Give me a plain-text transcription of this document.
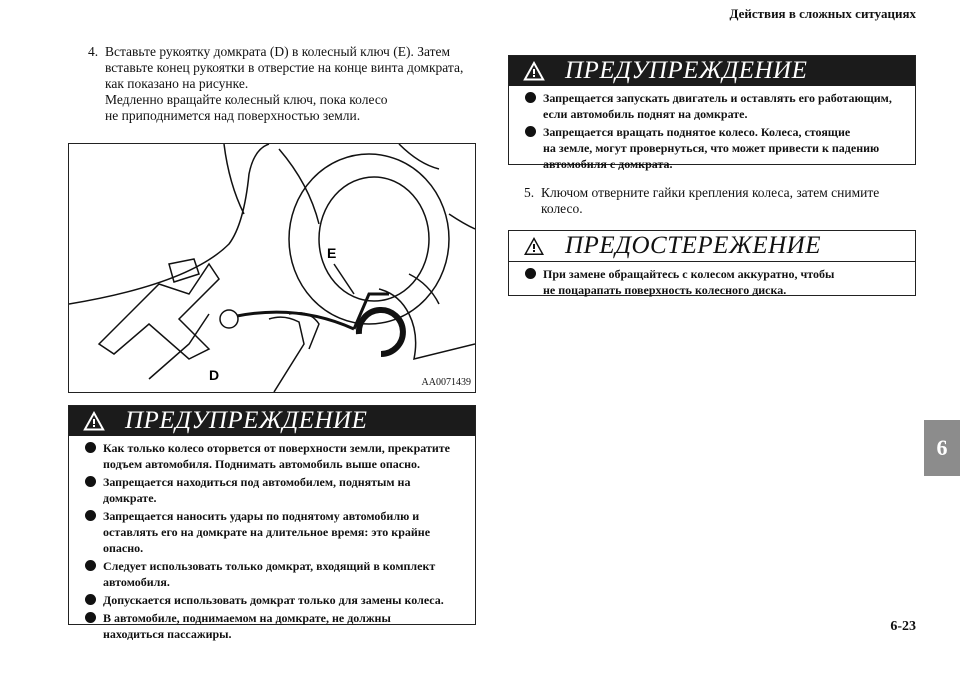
Действия в сложных ситуациях
4. Вставьте рукоятку домкрата (D) в колесный ключ (E). Затем
вставьте конец рукоятки в отверстие на конце винта домкрата,
как показано на рисунке.
Медленно вращайте колесный ключ, пока колесо
не приподнимется над поверхностью земли.
E
D	AA0071439
ПРЕДУПРЕЖДЕНИЕ
Как только колесо оторвется от поверхности земли, прекратите
подъем автомобиля. Поднимать автомобиль выше опасно.
Запрещается находиться под автомобилем, поднятым на
домкрате.
Запрещается наносить удары по поднятому автомобилю и
оставлять его на домкрате на длительное время: это крайне
опасно.
Следует использовать только домкрат, входящий в комплект
автомобиля.
Допускается использовать домкрат только для замены колеса.
В автомобиле, поднимаемом на домкрате, не должны
находиться пассажиры.
ПРЕДУПРЕЖДЕНИЕ
Запрещается запускать двигатель и оставлять его работающим,
если автомобиль поднят на домкрате.
Запрещается вращать поднятое колесо. Колеса, стоящие
на земле, могут провернуться, что может привести к падению
автомобиля с домкрата.
5. Ключом отверните гайки крепления колеса, затем снимите
колесо.
ПРЕДОСТЕРЕЖЕНИЕ
При замене обращайтесь с колесом аккуратно, чтобы
не поцарапать поверхность колесного диска.
6
6-23
